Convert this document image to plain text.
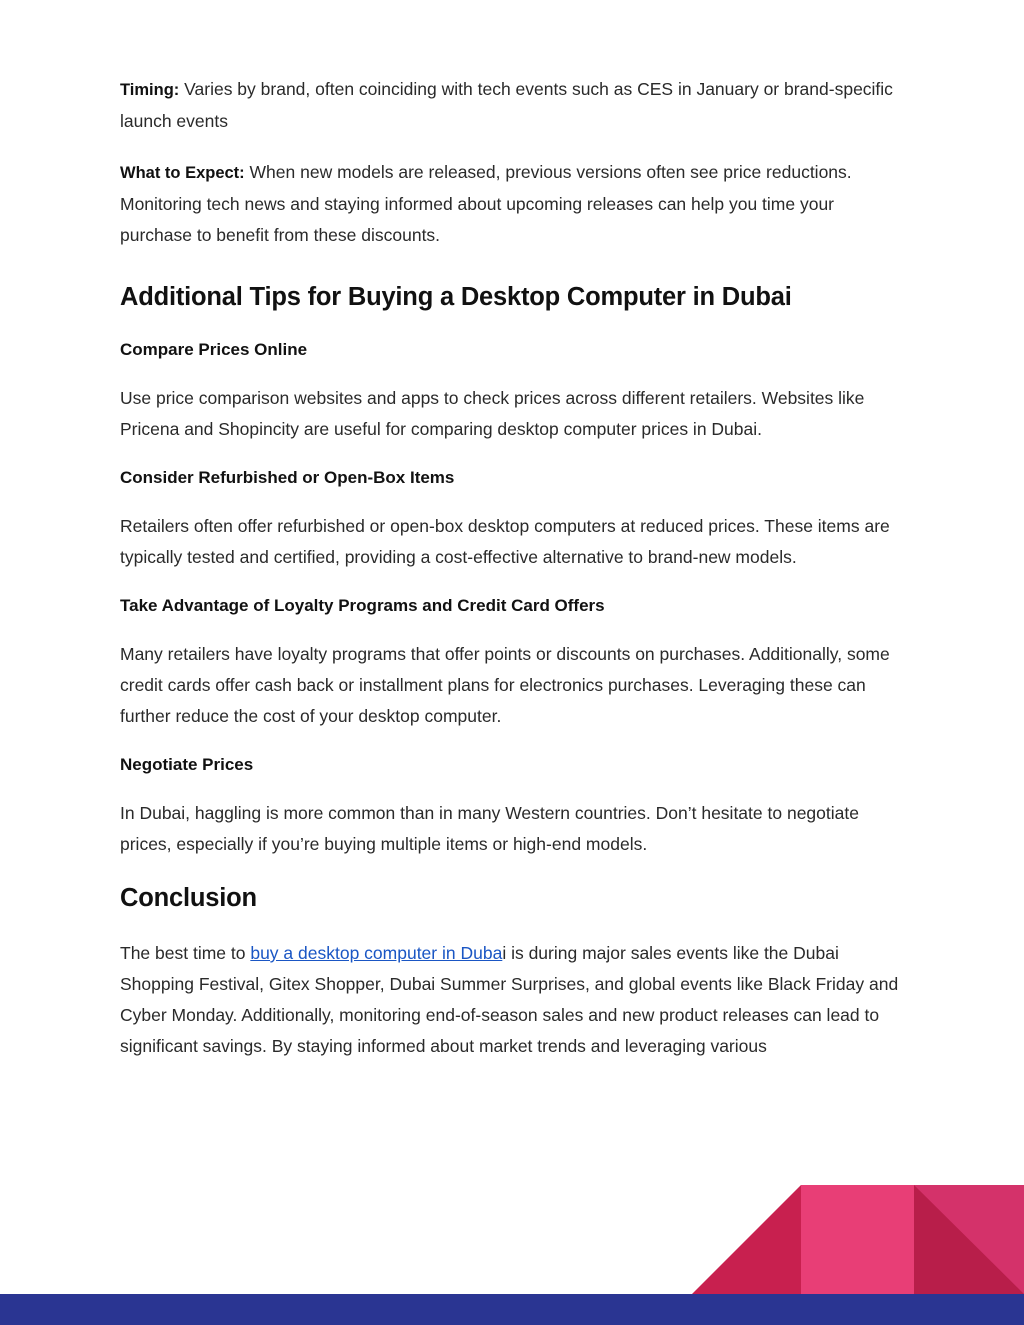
Timing: Varies by brand, often coinciding with tech events such as CES in January or brand-specific launch events

What to Expect: When new models are released, previous versions often see price reductions. Monitoring tech news and staying informed about upcoming releases can help you time your purchase to benefit from these discounts.

Additional Tips for Buying a Desktop Computer in Dubai
Compare Prices Online

Use price comparison websites and apps to check prices across different retailers. Websites like Pricena and Shopincity are useful for comparing desktop computer prices in Dubai.

Consider Refurbished or Open-Box Items

Retailers often offer refurbished or open-box desktop computers at reduced prices. These items are typically tested and certified, providing a cost-effective alternative to brand-new models.

Take Advantage of Loyalty Programs and Credit Card Offers

Many retailers have loyalty programs that offer points or discounts on purchases. Additionally, some credit cards offer cash back or installment plans for electronics purchases. Leveraging these can further reduce the cost of your desktop computer.

Negotiate Prices

In Dubai, haggling is more common than in many Western countries. Don’t hesitate to negotiate prices, especially if you’re buying multiple items or high-end models.

Conclusion

The best time to buy a desktop computer in Dubai is during major sales events like the Dubai Shopping Festival, Gitex Shopper, Dubai Summer Surprises, and global events like Black Friday and Cyber Monday. Additionally, monitoring end-of-season sales and new product releases can lead to significant savings. By staying informed about market trends and leveraging various
